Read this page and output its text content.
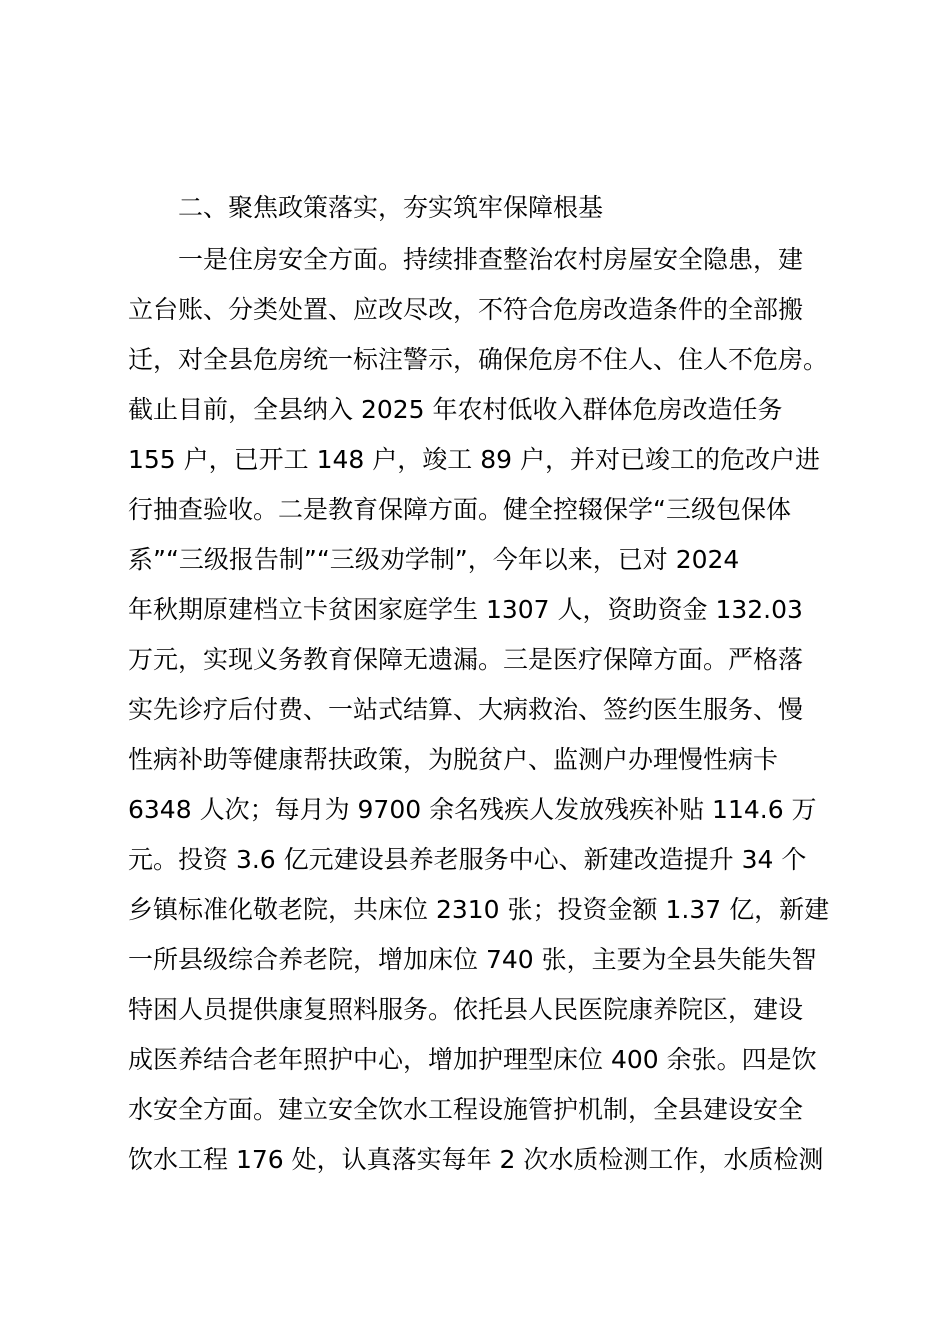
二、聚焦政策落实，夯实筑牢保障根基
一是住房安全方面。持续排查整治农村房屋安全隐患，建
立台账、分类处置、应改尽改，不符合危房改造条件的全部搬
迁，对全县危房统一标注警示，确保危房不住人、住人不危房。
截止目前，全县纳入 2025 年农村低收入群体危房改造任务
155 户，已开工 148 户，竣工 89 户，并对已竣工的危改户进
行抽查验收。二是教育保障方面。健全控辍保学“三级包保体
系”“三级报告制”“三级劝学制”，今年以来，已对 2024
年秋期原建档立卡贫困家庭学生 1307 人，资助资金 132.03
万元，实现义务教育保障无遗漏。三是医疗保障方面。严格落
实先诊疗后付费、一站式结算、大病救治、签约医生服务、慢
性病补助等健康帮扶政策，为脱贫户、监测户办理慢性病卡
6348 人次；每月为 9700 余名残疾人发放残疾补贴 114.6 万
元。投资 3.6 亿元建设县养老服务中心、新建改造提升 34 个
乡镇标准化敬老院，共床位 2310 张；投资金额 1.37 亿，新建
一所县级综合养老院，增加床位 740 张，主要为全县失能失智
特困人员提供康复照料服务。依托县人民医院康养院区，建设
成医养结合老年照护中心，增加护理型床位 400 余张。四是饮
水安全方面。建立安全饮水工程设施管护机制，全县建设安全
饮水工程 176 处，认真落实每年 2 次水质检测工作，水质检测
